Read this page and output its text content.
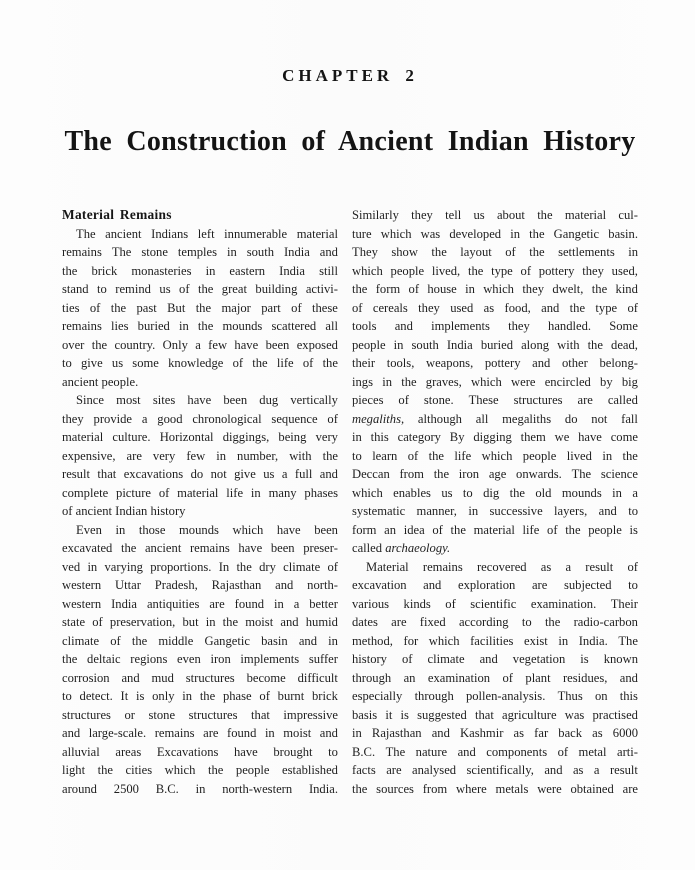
CHAPTER 2
The Construction of Ancient Indian History
Material Remains
The ancient Indians left innumerable material
remains The stone temples in south India and
the brick monasteries in eastern India still
stand to remind us of the great building activi-
ties of the past But the major part of these
remains lies buried in the mounds scattered all
over the country. Only a few have been exposed
to give us some knowledge of the life of the
ancient people.
Since most sites have been dug vertically
they provide a good chronological sequence of
material culture. Horizontal diggings, being very
expensive, are very few in number, with the
result that excavations do not give us a full and
complete picture of material life in many phases
of ancient Indian history
Even in those mounds which have been
excavated the ancient remains have been preser-
ved in varying proportions. In the dry climate of
western Uttar Pradesh, Rajasthan and north-
western India antiquities are found in a better
state of preservation, but in the moist and humid
climate of the middle Gangetic basin and in
the deltaic regions even iron implements suffer
corrosion and mud structures become difficult
to detect. It is only in the phase of burnt brick
structures or stone structures that impressive
and large-scale. remains are found in moist and
alluvial areas Excavations have brought to
light the cities which the people established
around 2500 B.C. in north-western India.
Similarly they tell us about the material cul-
ture which was developed in the Gangetic basin.
They show the layout of the settlements in
which people lived, the type of pottery they used,
the form of house in which they dwelt, the kind
of cereals they used as food, and the type of
tools and implements they handled. Some
people in south India buried along with the dead,
their tools, weapons, pottery and other belong-
ings in the graves, which were encircled by big
pieces of stone. These structures are called
megaliths, although all megaliths do not fall
in this category By digging them we have come
to learn of the life which people lived in the
Deccan from the iron age onwards. The science
which enables us to dig the old mounds in a
systematic manner, in successive layers, and to
form an idea of the material life of the people is
called archaeology.
Material remains recovered as a result of
excavation and exploration are subjected to
various kinds of scientific examination. Their
dates are fixed according to the radio-carbon
method, for which facilities exist in India. The
history of climate and vegetation is known
through an examination of plant residues, and
especially through pollen-analysis. Thus on this
basis it is suggested that agriculture was practised
in Rajasthan and Kashmir as far back as 6000
B.C. The nature and components of metal arti-
facts are analysed scientifically, and as a result
the sources from where metals were obtained are
